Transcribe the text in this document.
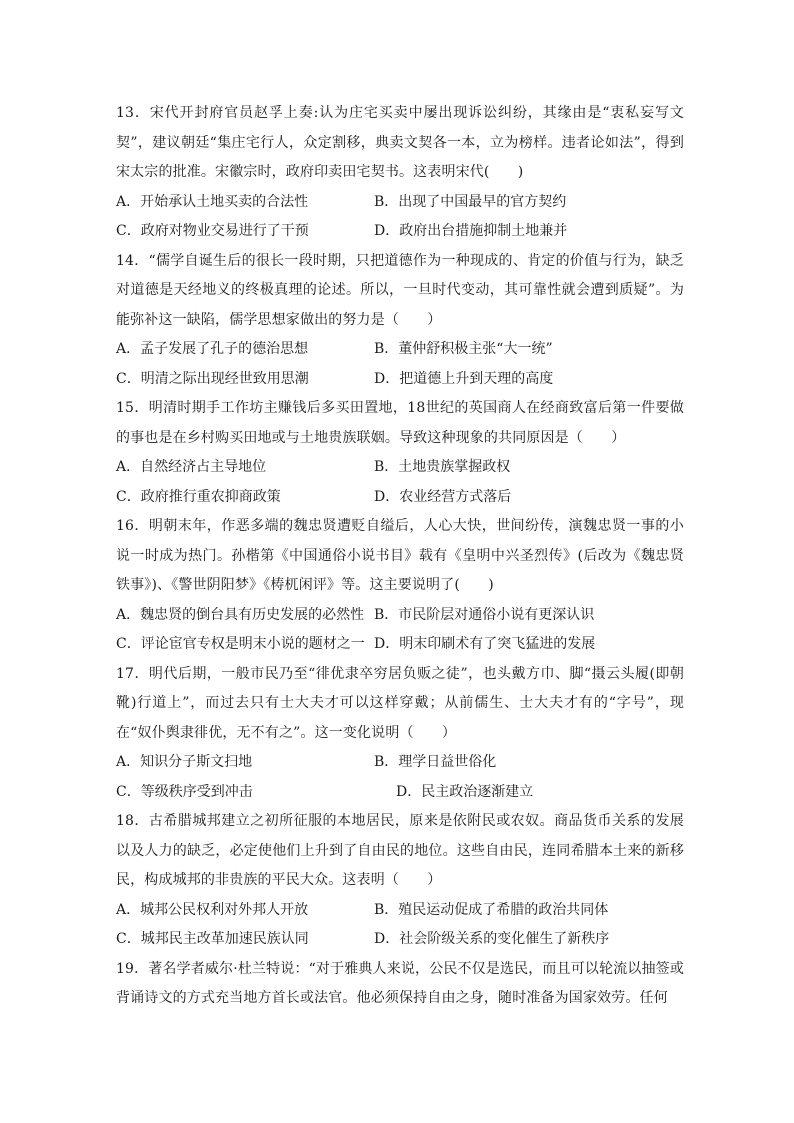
13．宋代开封府官员赵孚上奏:认为庄宅买卖中屡出现诉讼纠纷，其缘由是“衷私妄写文契”，建议朝廷“集庄宅行人，众定割移，典卖文契各一本，立为榜样。违者论如法”，得到宋太宗的批准。宋徽宗时，政府印卖田宅契书。这表明宋代(　　)

A．开始承认土地买卖的合法性	B．出现了中国最早的官方契约
C．政府对物业交易进行了干预	D．政府出台措施抑制土地兼并

14．“儒学自诞生后的很长一段时期，只把道德作为一种现成的、肯定的价值与行为，缺乏对道德是天经地义的终极真理的论述。所以，一旦时代变动，其可靠性就会遭到质疑”。为能弥补这一缺陷，儒学思想家做出的努力是（　　）

A．孟子发展了孔子的德治思想	B．董仲舒积极主张“大一统”
C．明清之际出现经世致用思潮	D．把道德上升到天理的高度

15．明清时期手工作坊主赚钱后多买田置地，18世纪的英国商人在经商致富后第一件要做的事也是在乡村购买田地或与土地贵族联姻。导致这种现象的共同原因是（　　）

A．自然经济占主导地位	B．土地贵族掌握政权
C．政府推行重农抑商政策	D．农业经营方式落后

16．明朝末年，作恶多端的魏忠贤遭贬自缢后，人心大快，世间纷传，演魏忠贤一事的小说一时成为热门。孙楷第《中国通俗小说书目》载有《皇明中兴圣烈传》(后改为《魏忠贤铁事》)、《警世阴阳梦》《梼杌闲评》等。这主要说明了(　　)

A．魏忠贤的倒台具有历史发展的必然性 B．市民阶层对通俗小说有更深认识
C．评论宦官专权是明末小说的题材之一 D．明末印刷术有了突飞猛进的发展

17．明代后期，一般市民乃至“徘优隶卒穷居负贩之徒”，也头戴方巾、脚“摄云头履(即朝靴)行道上”，而过去只有士大夫才可以这样穿戴；从前儒生、士大夫才有的“字号”，现在“奴仆舆隶徘优，无不有之”。这一变化说明（　　）

A．知识分子斯文扫地	B．理学日益世俗化
C．等级秩序受到冲击	D．民主政治逐渐建立

18．古希腊城邦建立之初所征服的本地居民，原来是依附民或农奴。商品货币关系的发展以及人力的缺乏，必定使他们上升到了自由民的地位。这些自由民，连同希腊本土来的新移民，构成城邦的非贵族的平民大众。这表明（　　）

A．城邦公民权利对外邦人开放	B．殖民运动促成了希腊的政治共同体
C．城邦民主改革加速民族认同	D．社会阶级关系的变化催生了新秩序

19．著名学者威尔·杜兰特说：“对于雅典人来说，公民不仅是选民，而且可以轮流以抽签或背诵诗文的方式充当地方首长或法官。他必须保持自由之身，随时准备为国家效劳。任何
